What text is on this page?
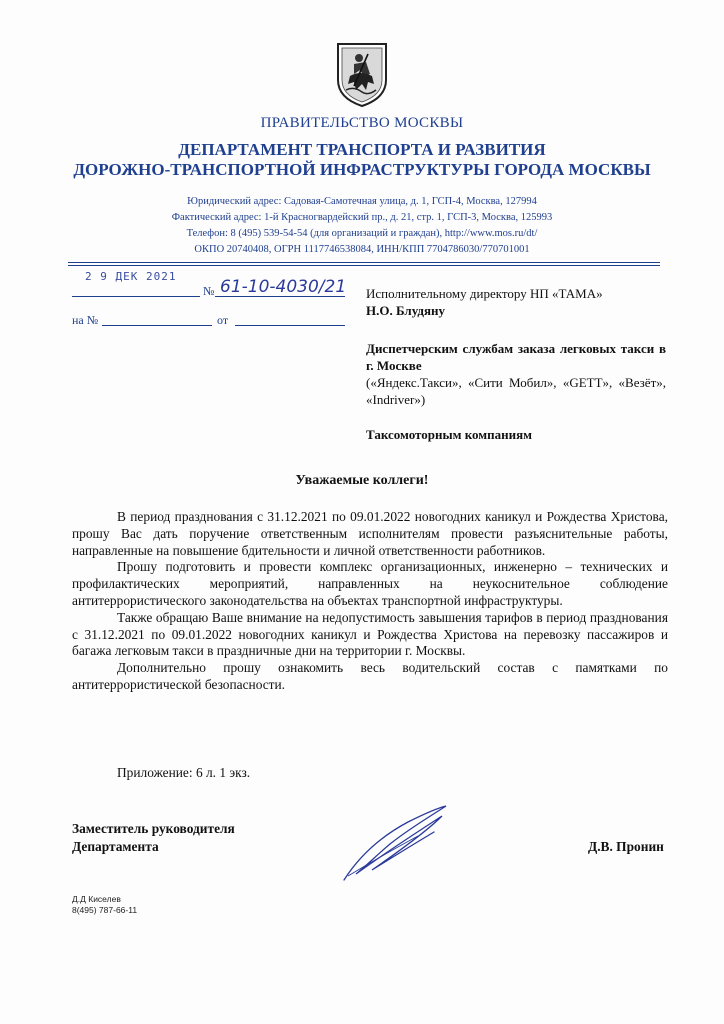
ПРАВИТЕЛЬСТВО МОСКВЫ
ДЕПАРТАМЕНТ ТРАНСПОРТА И РАЗВИТИЯ
ДОРОЖНО-ТРАНСПОРТНОЙ ИНФРАСТРУКТУРЫ ГОРОДА МОСКВЫ
Юридический адрес: Садовая-Самотечная улица, д. 1, ГСП-4, Москва, 127994
Фактический адрес: 1-й Красногвардейский пр., д. 21, стр. 1, ГСП-3, Москва, 125993
Телефон: 8 (495) 539-54-54 (для организаций и граждан), http://www.mos.ru/dt/
ОКПО 20740408, ОГРН 1117746538084, ИНН/КПП 7704786030/770701001
2 9 ДЕК 2021
№ 61-10-4030/21
на №	от
Исполнительному директору НП «ТАМА»
Н.О. Блудяну
Диспетчерским службам заказа легковых такси в г. Москве
(«Яндекс.Такси», «Сити Мобил», «GETT», «Везёт», «Indriver»)
Таксомоторным компаниям
Уважаемые коллеги!

В период празднования с 31.12.2021 по 09.01.2022 новогодних каникул и Рождества Христова, прошу Вас дать поручение ответственным исполнителям провести разъяснительные работы, направленные на повышение бдительности и личной ответственности работников.

Прошу подготовить и провести комплекс организационных, инженерно – технических и профилактических мероприятий, направленных на неукоснительное соблюдение антитеррористического законодательства на объектах транспортной инфраструктуры.

Также обращаю Ваше внимание на недопустимость завышения тарифов в период празднования с 31.12.2021 по 09.01.2022 новогодних каникул и Рождества Христова на перевозку пассажиров и багажа легковым такси в праздничные дни на территории г. Москвы.

Дополнительно прошу ознакомить весь водительский состав с памятками по антитеррористической безопасности.

Приложение: 6 л. 1 экз.
Заместитель руководителя
Департамента	Д.В. Пронин
Д.Д Киселев
8(495) 787-66-11
